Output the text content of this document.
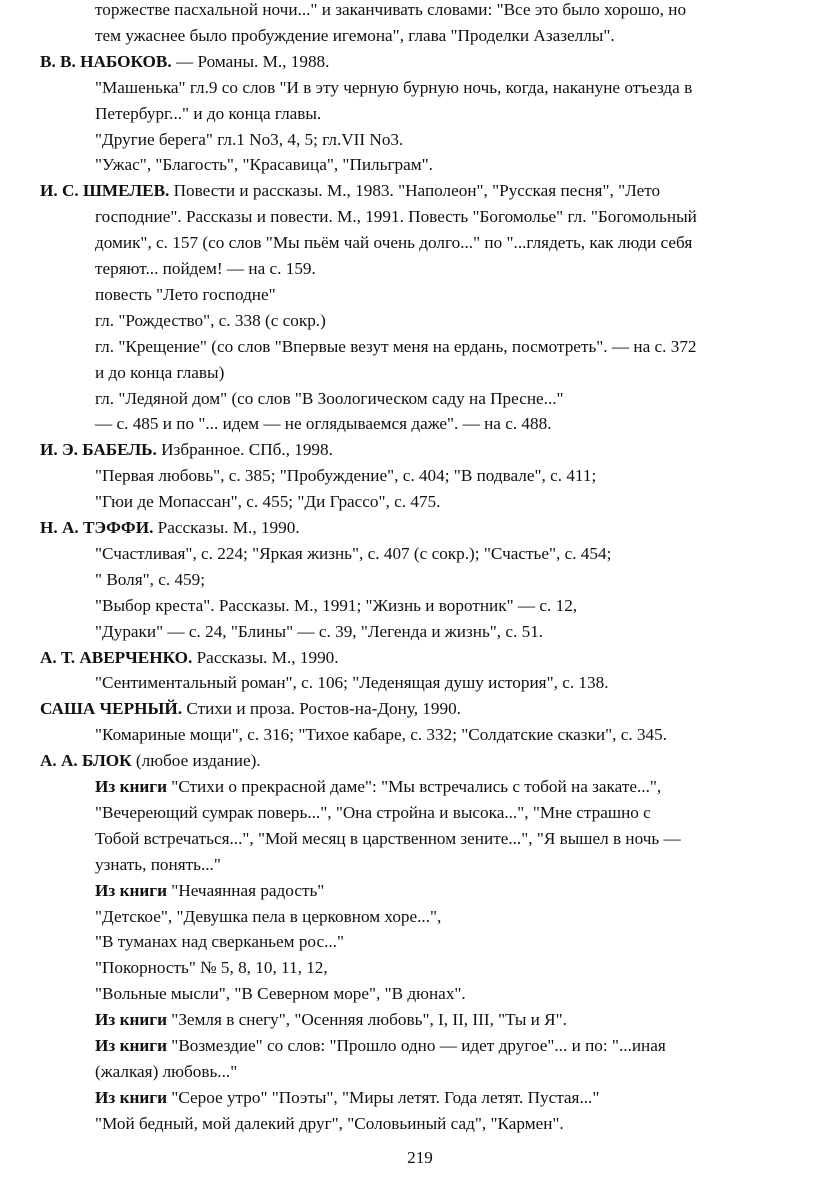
торжестве пасхальной ночи..." и заканчивать словами: "Все это было хорошо, но
тем ужаснее было пробуждение игемона", глава "Проделки Азазеллы".
В. В. НАБОКОВ. — Романы. М., 1988.
"Машенька" гл.9 со слов "И в эту черную бурную ночь, когда, накануне отъезда в
Петербург..." и до конца главы.
"Другие берега" гл.1 No3, 4, 5; гл.VII No3.
"Ужас", "Благость", "Красавица", "Пильграм".
И. С. ШМЕЛЕВ. Повести и рассказы. М., 1983. "Наполеон", "Русская песня", "Лето
господние". Рассказы и повести. М., 1991. Повесть "Богомолье" гл. "Богомольный
домик", с. 157 (со слов "Мы пьём чай очень долго..." по "...глядеть, как люди себя
теряют... пойдем! — на с. 159.
повесть "Лето господне"
гл. "Рождество", с. 338 (с сокр.)
гл. "Крещение" (со слов "Впервые везут меня на ердань, посмотреть". — на с. 372
и до конца главы)
гл. "Ледяной дом" (со слов "В Зоологическом саду на Пресне..."
— с. 485 и по "... идем — не оглядываемся даже". — на с. 488.
И. Э. БАБЕЛЬ. Избранное. СПб., 1998.
"Первая любовь", с. 385; "Пробуждение", с. 404; "В подвале", с. 411;
"Гюи де Мопассан", с. 455; "Ди Грассо", с. 475.
Н. А. ТЭФФИ. Рассказы. М., 1990.
"Счастливая", с. 224; "Яркая жизнь", с. 407 (с сокр.); "Счастье", с. 454;
" Воля", с. 459;
"Выбор креста". Рассказы. М., 1991; "Жизнь и воротник" — с. 12,
"Дураки" — с. 24, "Блины" — с. 39, "Легенда и жизнь", с. 51.
А. Т. АВЕРЧЕНКО. Рассказы. М., 1990.
"Сентиментальный роман", с. 106; "Леденящая душу история", с. 138.
САША ЧЕРНЫЙ. Стихи и проза. Ростов-на-Дону, 1990.
"Комариные мощи", с. 316; "Тихое кабаре, с. 332; "Солдатские сказки", с. 345.
А. А. БЛОК (любое издание).
Из книги "Стихи о прекрасной даме": "Мы встречались с тобой на закате...",
"Вечереющий сумрак поверь...", "Она стройна и высока...", "Мне страшно с
Тобой встречаться...", "Мой месяц в царственном зените...", "Я вышел в ночь —
узнать, понять..."
Из книги "Нечаянная радость"
"Детское", "Девушка пела в церковном хоре...",
"В туманах над сверканьем рос..."
"Покорность" № 5, 8, 10, 11, 12,
"Вольные мысли", "В Северном море", "В дюнах".
Из книги "Земля в снегу", "Осенняя любовь", I, II, III, "Ты и Я".
Из книги "Возмездие" со слов: "Прошло одно — идет другое"... и по: "...иная
(жалкая) любовь..."
Из книги "Серое утро" "Поэты", "Миры летят. Года летят. Пустая..."
"Мой бедный, мой далекий друг", "Соловьиный сад", "Кармен".
219
